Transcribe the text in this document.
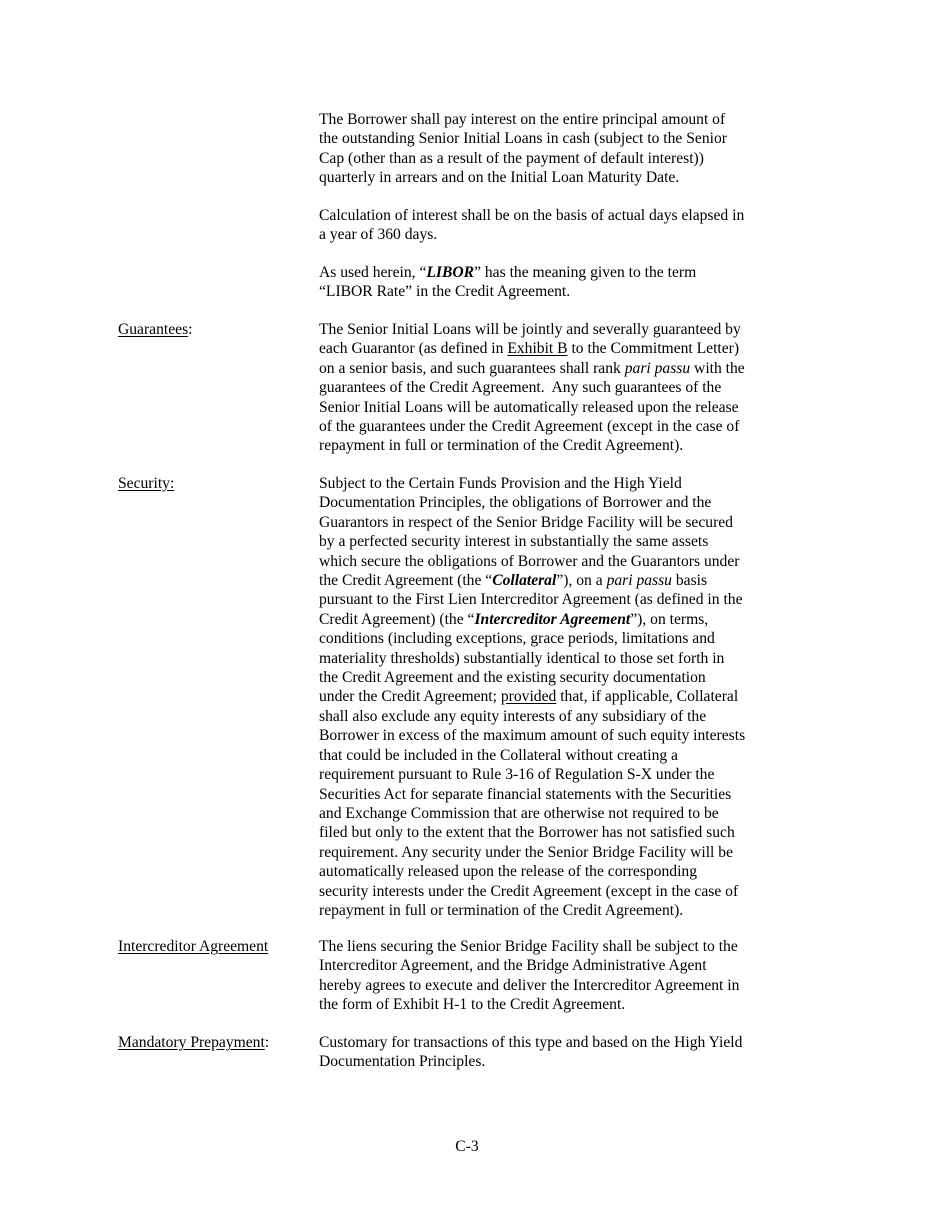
The Borrower shall pay interest on the entire principal amount of
the outstanding Senior Initial Loans in cash (subject to the Senior
Cap (other than as a result of the payment of default interest))
quarterly in arrears and on the Initial Loan Maturity Date.
Calculation of interest shall be on the basis of actual days elapsed in
a year of 360 days.
As used herein, “LIBOR” has the meaning given to the term
“LIBOR Rate” in the Credit Agreement.
Guarantees:	The Senior Initial Loans will be jointly and severally guaranteed by
each Guarantor (as defined in Exhibit B to the Commitment Letter)
on a senior basis, and such guarantees shall rank pari passu with the
guarantees of the Credit Agreement.  Any such guarantees of the
Senior Initial Loans will be automatically released upon the release
of the guarantees under the Credit Agreement (except in the case of
repayment in full or termination of the Credit Agreement).
Security:	Subject to the Certain Funds Provision and the High Yield
Documentation Principles, the obligations of Borrower and the
Guarantors in respect of the Senior Bridge Facility will be secured
by a perfected security interest in substantially the same assets
which secure the obligations of Borrower and the Guarantors under
the Credit Agreement (the “Collateral”), on a pari passu basis
pursuant to the First Lien Intercreditor Agreement (as defined in the
Credit Agreement) (the “Intercreditor Agreement”), on terms,
conditions (including exceptions, grace periods, limitations and
materiality thresholds) substantially identical to those set forth in
the Credit Agreement and the existing security documentation
under the Credit Agreement; provided that, if applicable, Collateral
shall also exclude any equity interests of any subsidiary of the
Borrower in excess of the maximum amount of such equity interests
that could be included in the Collateral without creating a
requirement pursuant to Rule 3-16 of Regulation S-X under the
Securities Act for separate financial statements with the Securities
and Exchange Commission that are otherwise not required to be
filed but only to the extent that the Borrower has not satisfied such
requirement. Any security under the Senior Bridge Facility will be
automatically released upon the release of the corresponding
security interests under the Credit Agreement (except in the case of
repayment in full or termination of the Credit Agreement).
Intercreditor Agreement	The liens securing the Senior Bridge Facility shall be subject to the
Intercreditor Agreement, and the Bridge Administrative Agent
hereby agrees to execute and deliver the Intercreditor Agreement in
the form of Exhibit H-1 to the Credit Agreement.
Mandatory Prepayment:	Customary for transactions of this type and based on the High Yield
Documentation Principles.
C-3
